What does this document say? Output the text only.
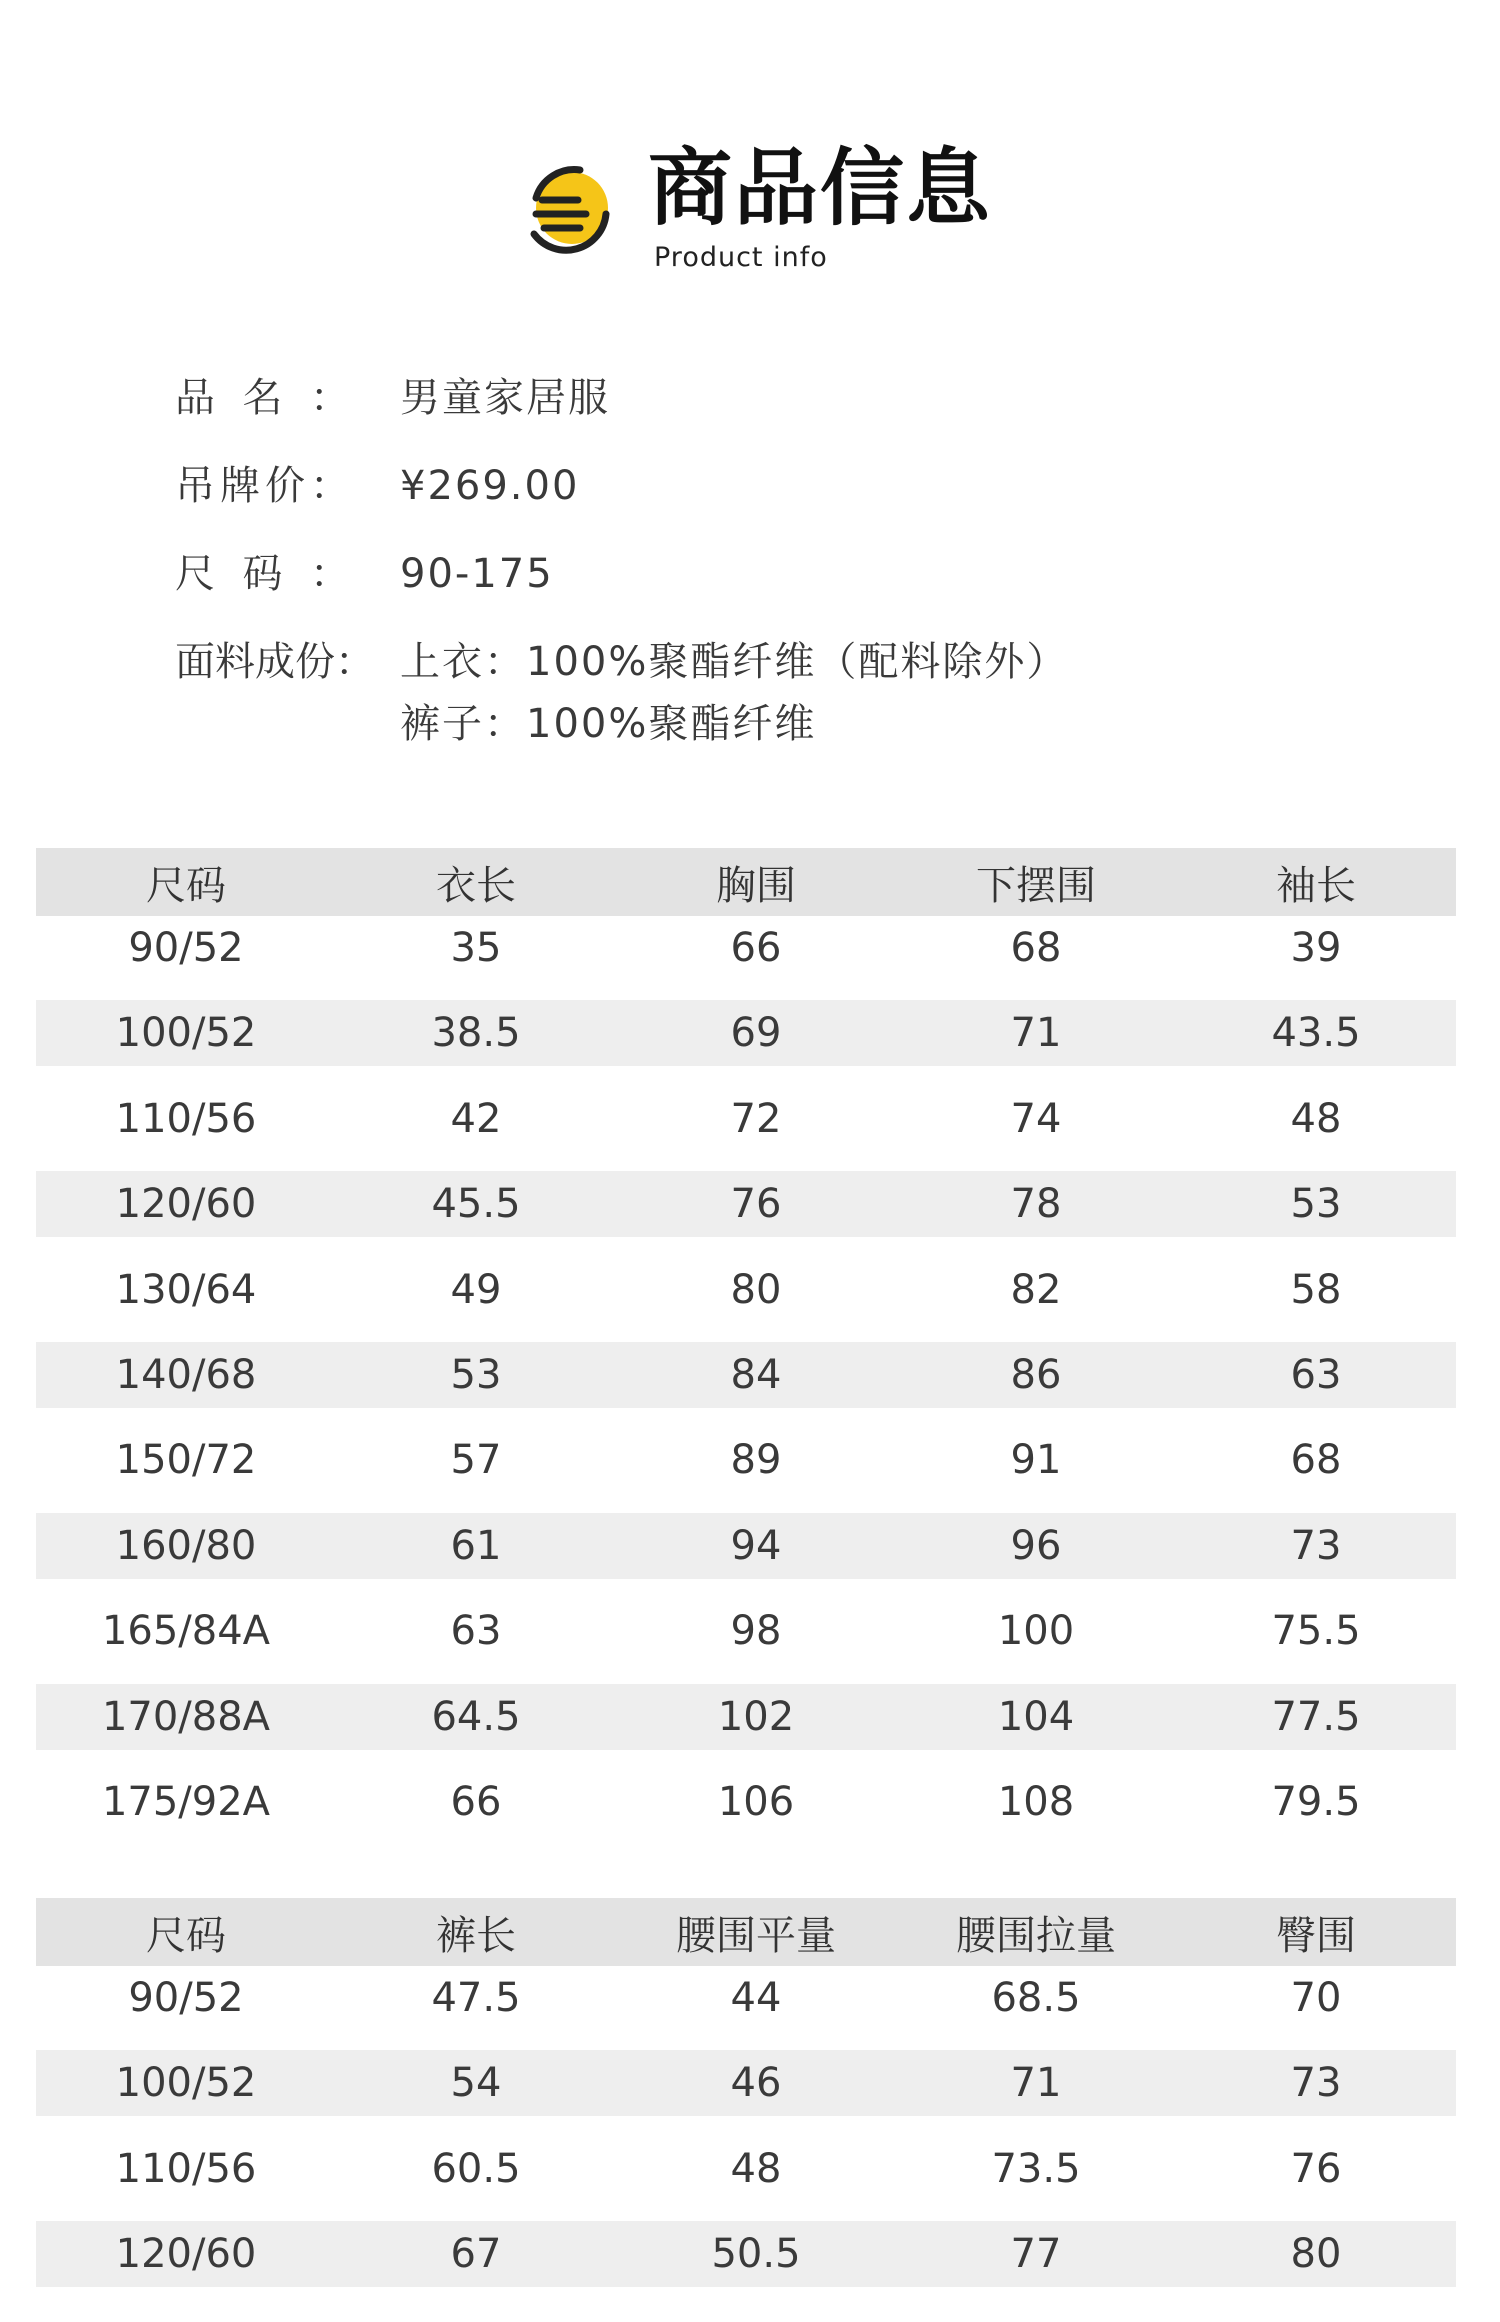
商品信息
Product info
品名： 男童家居服
吊牌价： ¥269.00
尺码： 90-175
面料成份： 上衣：100%聚酯纤维（配料除外）
裤子：100%聚酯纤维
尺码	衣长	胸围	下摆围	袖长
90/52	35	66	68	39
100/52	38.5	69	71	43.5
110/56	42	72	74	48
120/60	45.5	76	78	53
130/64	49	80	82	58
140/68	53	84	86	63
150/72	57	89	91	68
160/80	61	94	96	73
165/84A	63	98	100	75.5
170/88A	64.5	102	104	77.5
175/92A	66	106	108	79.5
尺码	裤长	腰围平量	腰围拉量	臀围
90/52	47.5	44	68.5	70
100/52	54	46	71	73
110/56	60.5	48	73.5	76
120/60	67	50.5	77	80
